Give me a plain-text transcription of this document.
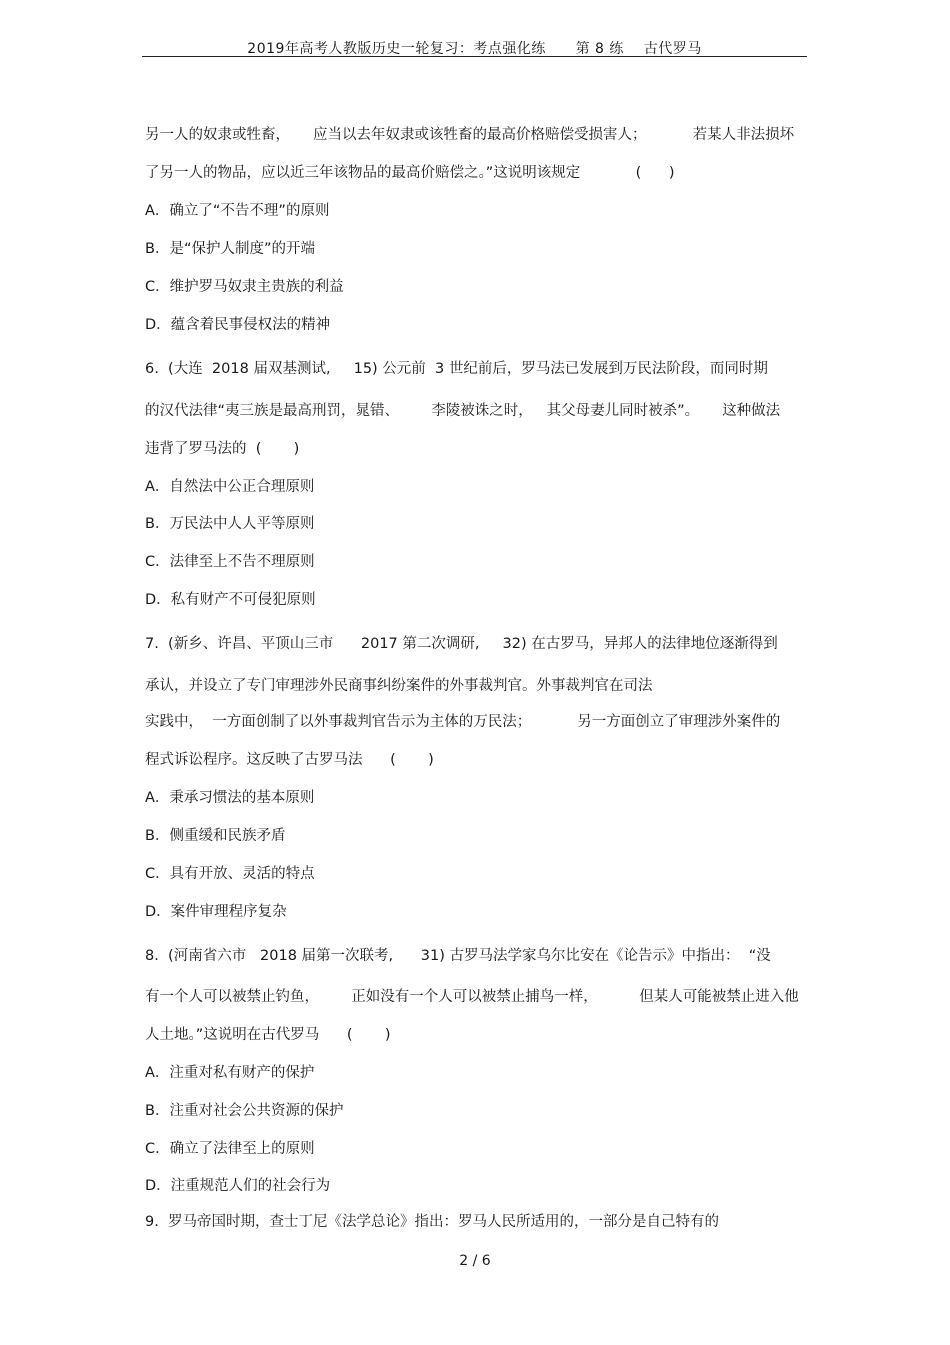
2019年高考人教版历史一轮复习：考点强化练      第 8 练    古代罗马
另一人的奴隶或牲畜，     应当以去年奴隶或该牲畜的最高价格赔偿受损害人；          若某人非法损坏
了另一人的物品，应以近三年该物品的最高价赔偿之。”这说明该规定            (      )
A．确立了“不告不理”的原则
B．是“保护人制度”的开端
C．维护罗马奴隶主贵族的利益
D．蕴含着民事侵权法的精神
6.  (大连  2018 届双基测试,     15) 公元前  3 世纪前后，罗马法已发展到万民法阶段，而同时期
的汉代法律“夷三族是最高刑罚，晁错、       李陵被诛之时，   其父母妻儿同时被杀”。     这种做法
违背了罗马法的  (       )
A．自然法中公正合理原则
B．万民法中人人平等原则
C．法律至上不告不理原则
D．私有财产不可侵犯原则
7.  (新乡、许昌、平顶山三市      2017 第二次调研,     32) 在古罗马，异邦人的法律地位逐渐得到
承认，并设立了专门审理涉外民商事纠纷案件的外事裁判官。外事裁判官在司法
实践中，  一方面创制了以外事裁判官告示为主体的万民法；          另一方面创立了审理涉外案件的
程式诉讼程序。这反映了古罗马法      (       )
A．秉承习惯法的基本原则
B．侧重缓和民族矛盾
C．具有开放、灵活的特点
D．案件审理程序复杂
8.  (河南省六市   2018 届第一次联考,      31) 古罗马法学家乌尔比安在《论告示》中指出：  “没
有一个人可以被禁止钓鱼，       正如没有一个人可以被禁止捕鸟一样，         但某人可能被禁止进入他
人土地。”这说明在古代罗马      (       )
A．注重对私有财产的保护
B．注重对社会公共资源的保护
C．确立了法律至上的原则
D．注重规范人们的社会行为
9.  罗马帝国时期，查士丁尼《法学总论》指出：罗马人民所适用的，一部分是自己特有的
2 / 6
